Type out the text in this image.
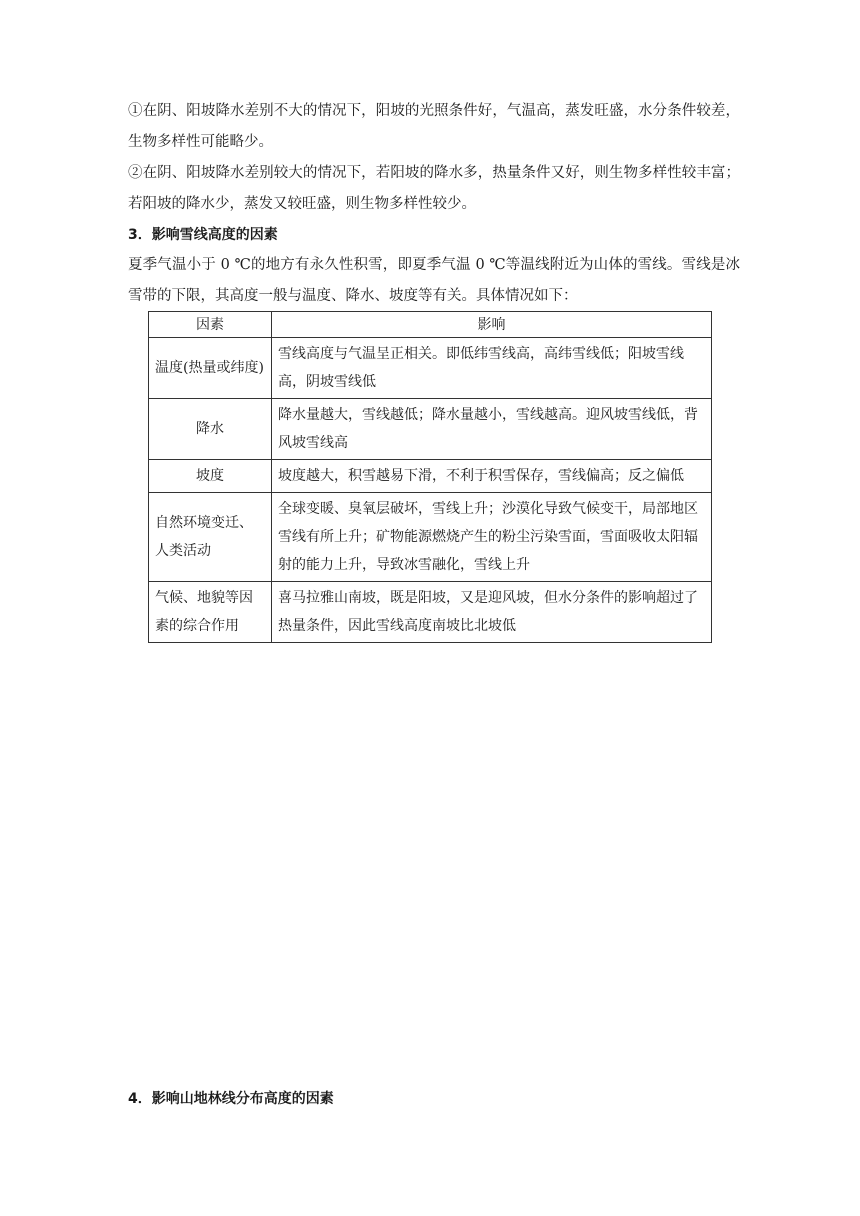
①在阴、阳坡降水差别不大的情况下，阳坡的光照条件好，气温高，蒸发旺盛，水分条件较差，生物多样性可能略少。

②在阴、阳坡降水差别较大的情况下，若阳坡的降水多，热量条件又好，则生物多样性较丰富；若阳坡的降水少，蒸发又较旺盛，则生物多样性较少。

3．影响雪线高度的因素

夏季气温小于 0 ℃的地方有永久性积雪，即夏季气温 0 ℃等温线附近为山体的雪线。雪线是冰雪带的下限，其高度一般与温度、降水、坡度等有关。具体情况如下：

因素	影响
温度(热量或纬度)	雪线高度与气温呈正相关。即低纬雪线高，高纬雪线低；阳坡雪线高，阴坡雪线低
降水	降水量越大，雪线越低；降水量越小，雪线越高。迎风坡雪线低，背风坡雪线高
坡度	坡度越大，积雪越易下滑，不利于积雪保存，雪线偏高；反之偏低
自然环境变迁、人类活动	全球变暖、臭氧层破坏，雪线上升；沙漠化导致气候变干，局部地区雪线有所上升；矿物能源燃烧产生的粉尘污染雪面，雪面吸收太阳辐射的能力上升，导致冰雪融化，雪线上升
气候、地貌等因素的综合作用	喜马拉雅山南坡，既是阳坡，又是迎风坡，但水分条件的影响超过了热量条件，因此雪线高度南坡比北坡低

4．影响山地林线分布高度的因素
